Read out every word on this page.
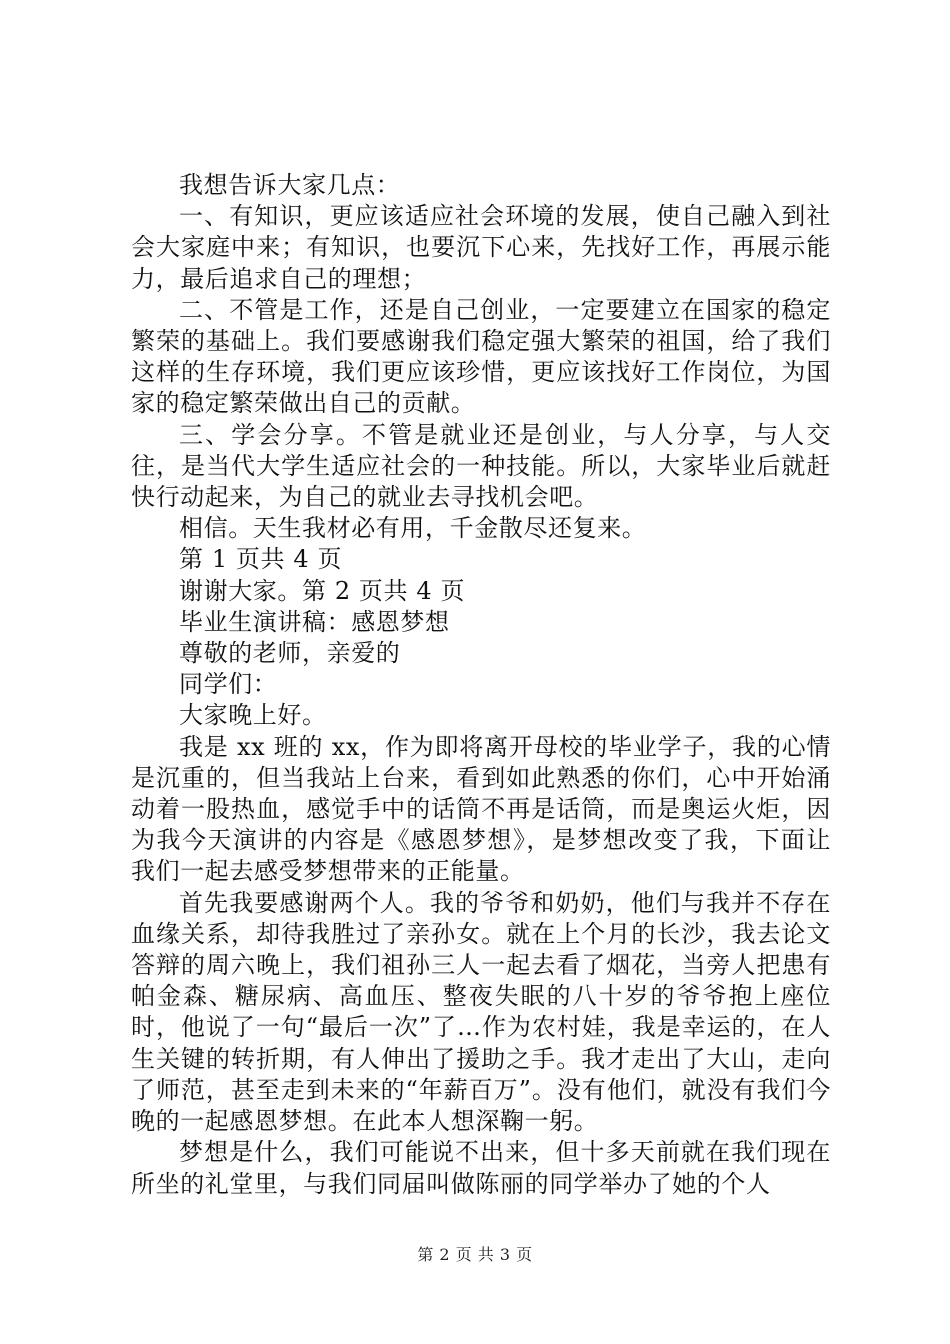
我想告诉大家几点：

一、有知识，更应该适应社会环境的发展，使自己融入到社会大家庭中来；有知识，也要沉下心来，先找好工作，再展示能力，最后追求自己的理想；

二、不管是工作，还是自己创业，一定要建立在国家的稳定繁荣的基础上。我们要感谢我们稳定强大繁荣的祖国，给了我们这样的生存环境，我们更应该珍惜，更应该找好工作岗位，为国家的稳定繁荣做出自己的贡献。

三、学会分享。不管是就业还是创业，与人分享，与人交往，是当代大学生适应社会的一种技能。所以，大家毕业后就赶快行动起来，为自己的就业去寻找机会吧。

相信。天生我材必有用，千金散尽还复来。

第 1 页共 4 页

谢谢大家。第 2 页共 4 页

毕业生演讲稿：感恩梦想

尊敬的老师，亲爱的

同学们：

大家晚上好。

我是 xx 班的 xx，作为即将离开母校的毕业学子，我的心情是沉重的，但当我站上台来，看到如此熟悉的你们，心中开始涌动着一股热血，感觉手中的话筒不再是话筒，而是奥运火炬，因为我今天演讲的内容是《感恩梦想》，是梦想改变了我，下面让我们一起去感受梦想带来的正能量。

首先我要感谢两个人。我的爷爷和奶奶，他们与我并不存在血缘关系，却待我胜过了亲孙女。就在上个月的长沙，我去论文答辩的周六晚上，我们祖孙三人一起去看了烟花，当旁人把患有帕金森、糖尿病、高血压、整夜失眠的八十岁的爷爷抱上座位时，他说了一句“最后一次”了…作为农村娃，我是幸运的，在人生关键的转折期，有人伸出了援助之手。我才走出了大山，走向了师范，甚至走到未来的“年薪百万”。没有他们，就没有我们今晚的一起感恩梦想。在此本人想深鞠一躬。

梦想是什么，我们可能说不出来，但十多天前就在我们现在所坐的礼堂里，与我们同届叫做陈丽的同学举办了她的个人

第 2 页 共 3 页
